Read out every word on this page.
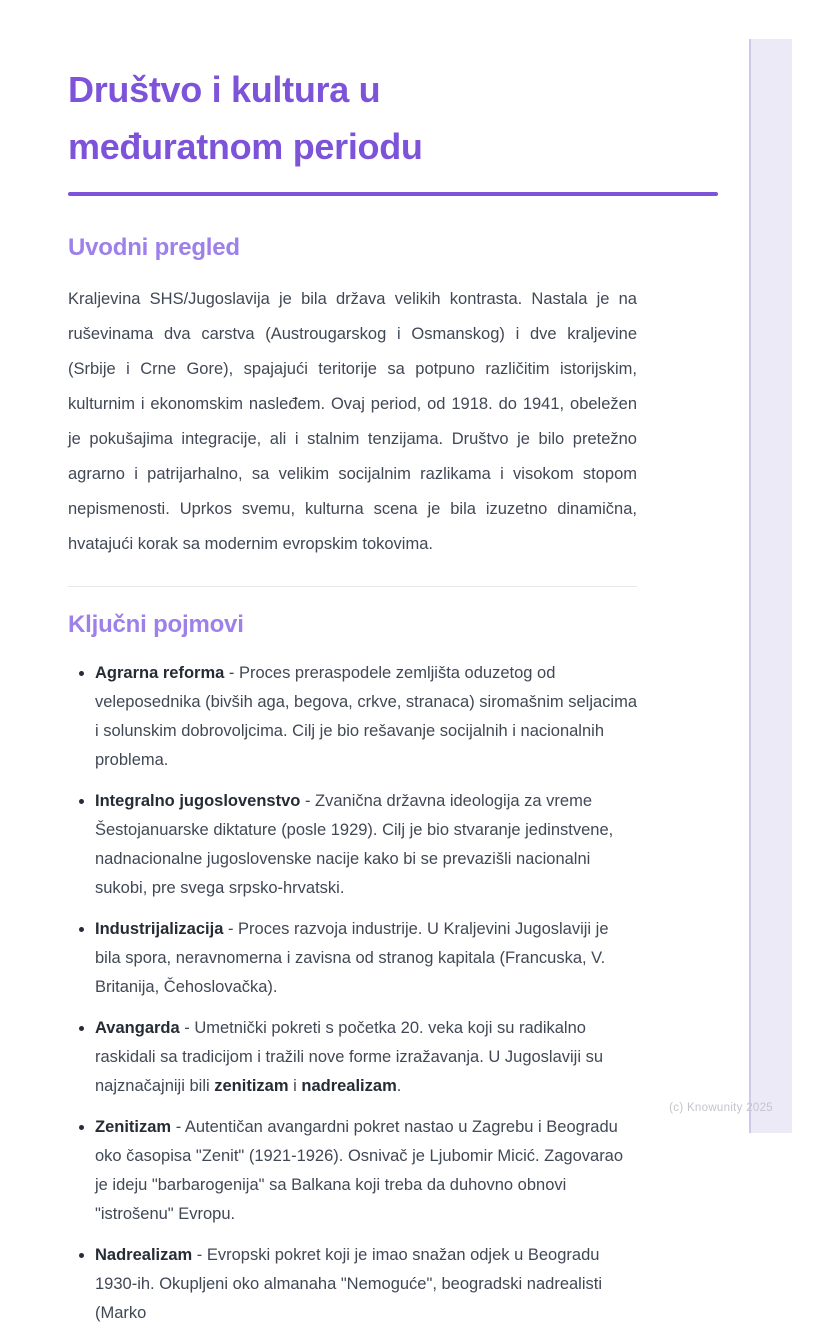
(c) Knowunity 2025
Društvo i kultura u međuratnom periodu
Uvodni pregled

Kraljevina SHS/Jugoslavija je bila država velikih kontrasta. Nastala je na ruševinama dva carstva (Austrougarskog i Osmanskog) i dve kraljevine (Srbije i Crne Gore), spajajući teritorije sa potpuno različitim istorijskim, kulturnim i ekonomskim nasleđem. Ovaj period, od 1918. do 1941, obeležen je pokušajima integracije, ali i stalnim tenzijama. Društvo je bilo pretežno agrarno i patrijarhalno, sa velikim socijalnim razlikama i visokom stopom nepismenosti. Uprkos svemu, kulturna scena je bila izuzetno dinamična, hvatajući korak sa modernim evropskim tokovima.

Ključni pojmovi
• Agrarna reforma - Proces preraspodele zemljišta oduzetog od veleposednika (bivših aga, begova, crkve, stranaca) siromašnim seljacima i solunskim dobrovoljcima. Cilj je bio rešavanje socijalnih i nacionalnih problema.
• Integralno jugoslovenstvo - Zvanična državna ideologija za vreme Šestojanuarske diktature (posle 1929). Cilj je bio stvaranje jedinstvene, nadnacionalne jugoslovenske nacije kako bi se prevazišli nacionalni sukobi, pre svega srpsko-hrvatski.
• Industrijalizacija - Proces razvoja industrije. U Kraljevini Jugoslaviji je bila spora, neravnomerna i zavisna od stranog kapitala (Francuska, V. Britanija, Čehoslovačka).
• Avangarda - Umetnički pokreti s početka 20. veka koji su radikalno raskidali sa tradicijom i tražili nove forme izražavanja. U Jugoslaviji su najznačajniji bili zenitizam i nadrealizam.
• Zenitizam - Autentičan avangardni pokret nastao u Zagrebu i Beogradu oko časopisa "Zenit" (1921-1926). Osnivač je Ljubomir Micić. Zagovarao je ideju "barbarogenija" sa Balkana koji treba da duhovno obnovi "istrošenu" Evropu.
• Nadrealizam - Evropski pokret koji je imao snažan odjek u Beogradu 1930-ih. Okupljeni oko almanaha "Nemoguće", beogradski nadrealisti (Marko
